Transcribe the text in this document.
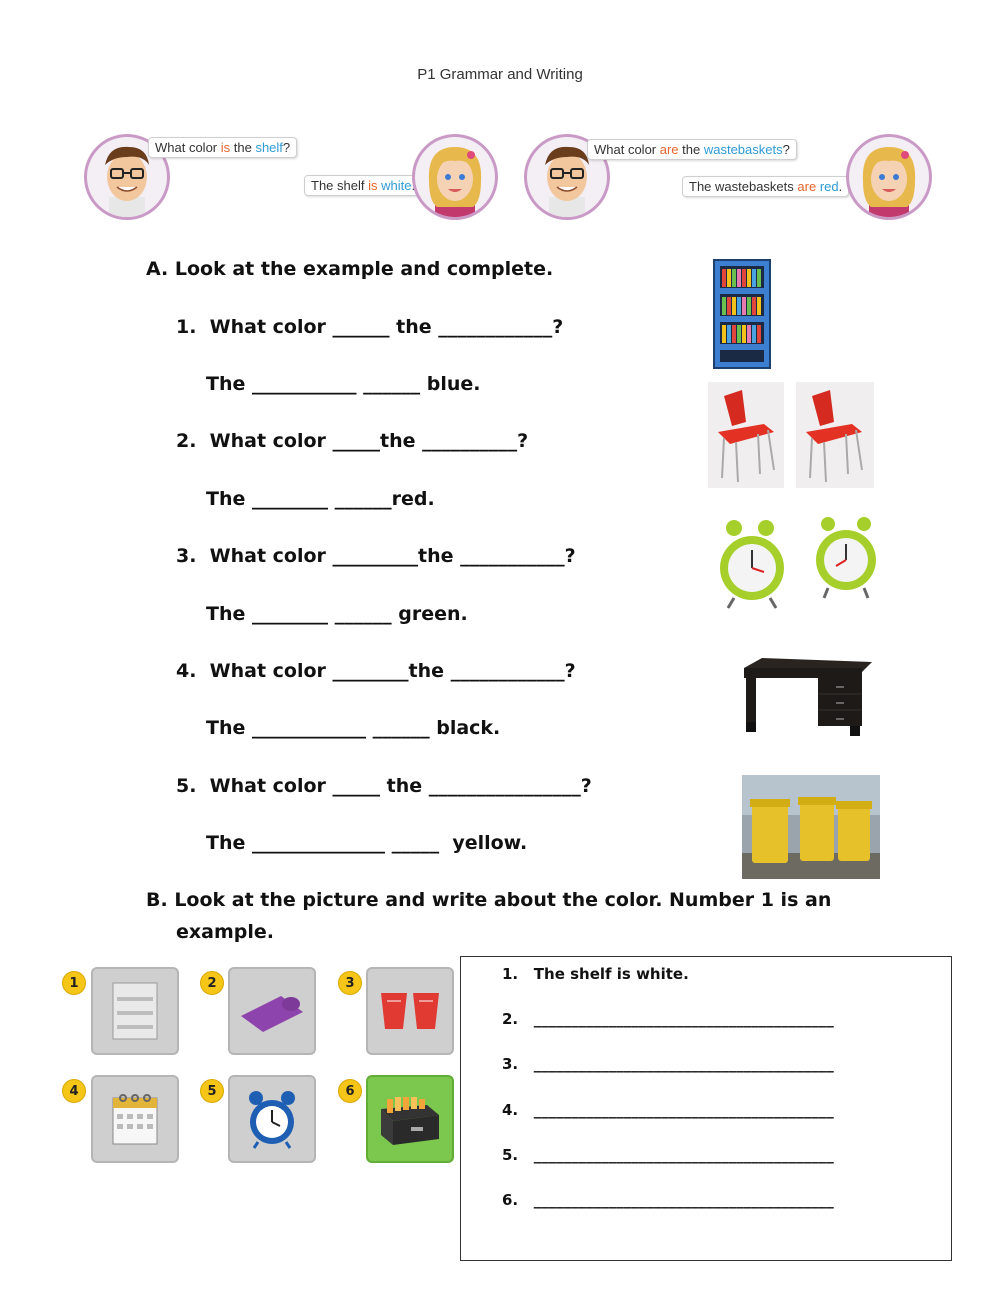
P1 Grammar and Writing
What color is the shelf?
The shelf is white
What color are the wastebaskets?
The wastebaskets are red.
A. Look at the example and complete.
1.  What color ______ the ____________?
The ___________ ______ blue.
2.  What color _____the __________?
The ________ ______red.
3.  What color _________the ___________?
The ________ ______ green.
4.  What color ________the ____________?
The ____________ ______ black.
5.  What color _____ the ________________?
The ______________ _____  yellow.
B. Look at the picture and write about the color. Number 1 is an
example.
1	2	3
4	5	6
1.   The shelf is white.
2.   ________________________________________
3.   ________________________________________
4.   ________________________________________
5.   ________________________________________
6.   ________________________________________
